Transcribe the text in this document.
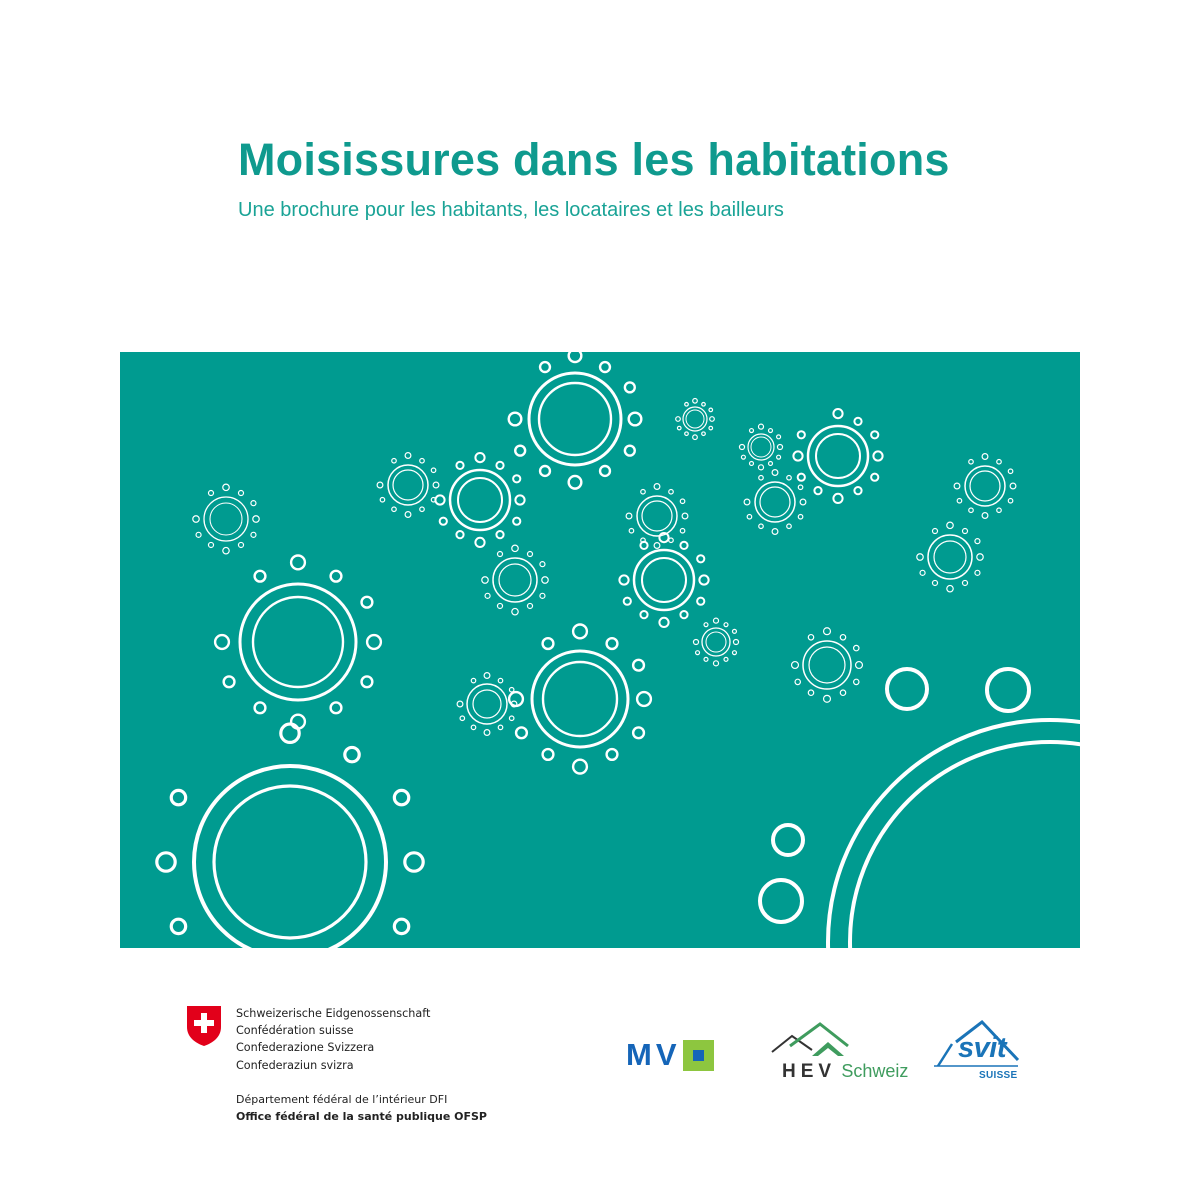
Moisissures dans les habitations

Une brochure pour les habitants, les locataires et les bailleurs

Schweizerische Eidgenossenschaft
Confédération suisse
Confederazione Svizzera
Confederaziun svizra
Département fédéral de l’intérieur DFI
Office fédéral de la santé publique OFSP
MV	HEV Schweiz
svit
SUISSE
